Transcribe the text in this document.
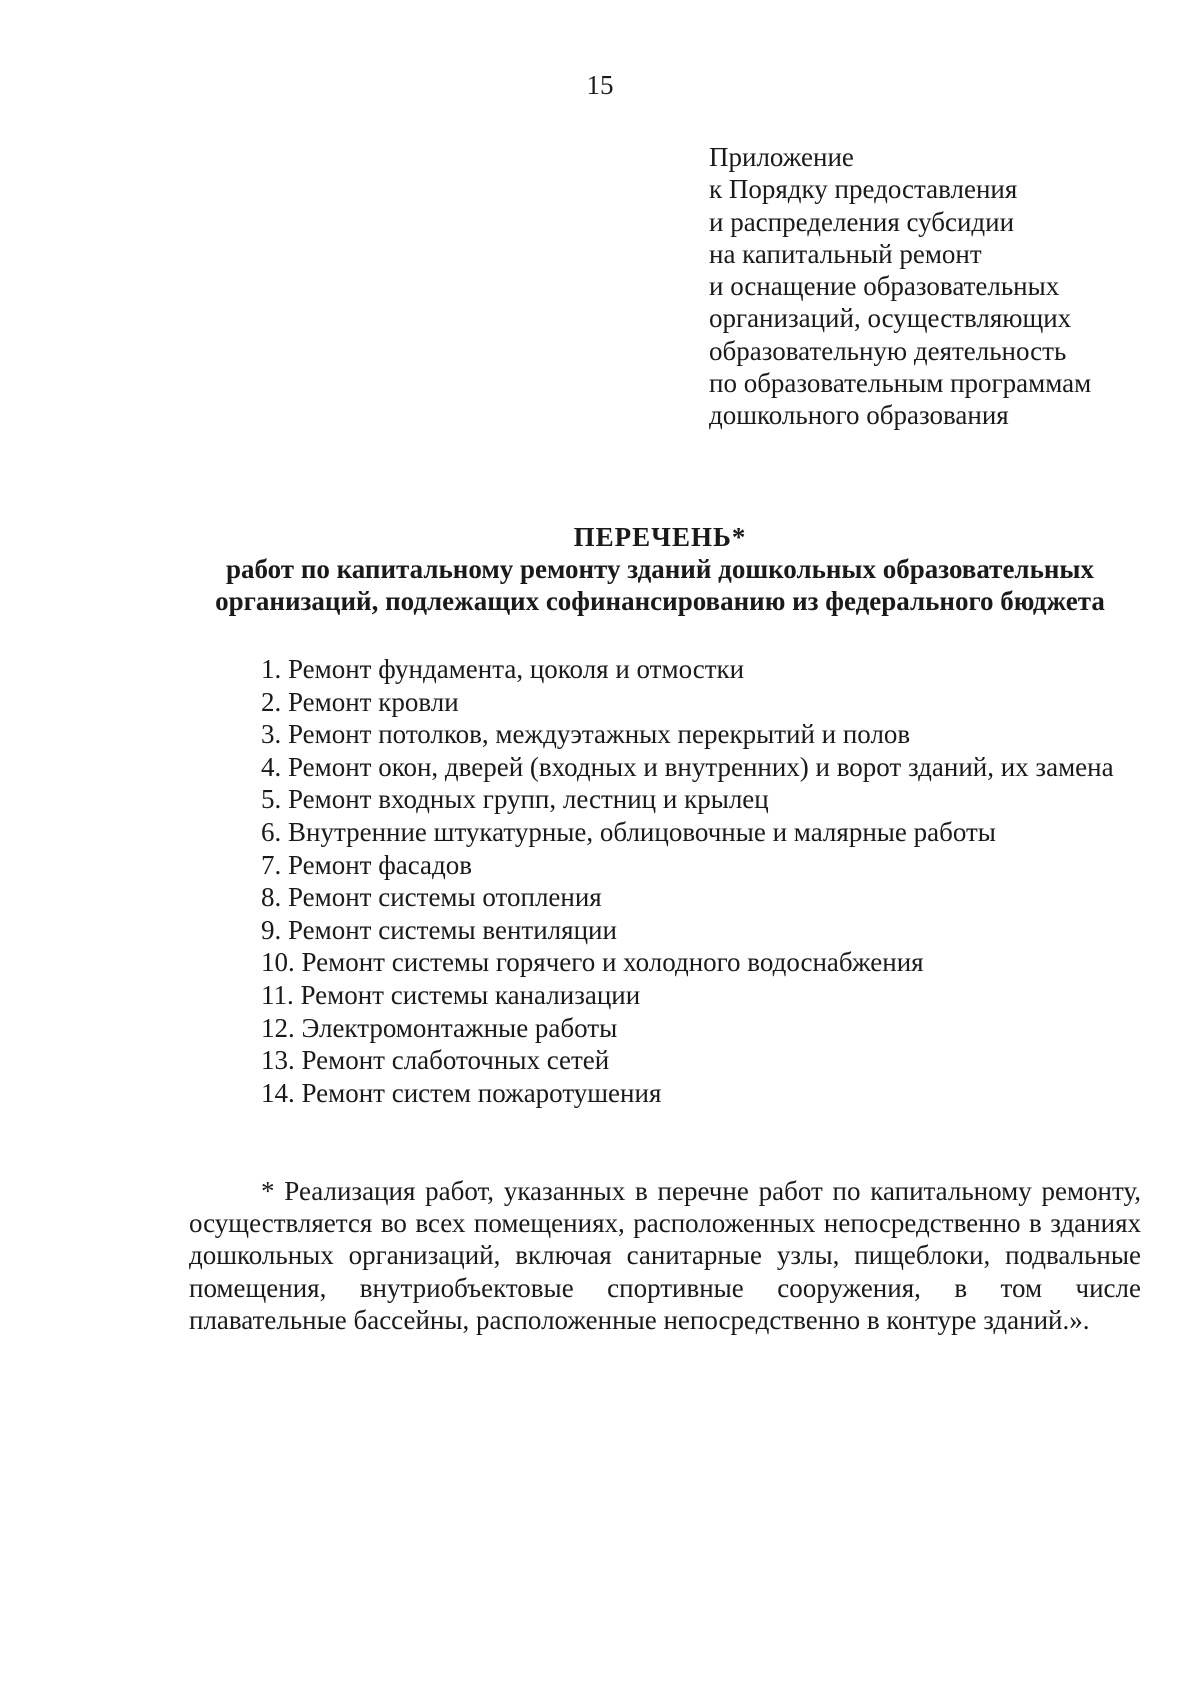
15
Приложение
к Порядку предоставления
и распределения субсидии
на капитальный ремонт
и оснащение образовательных
организаций, осуществляющих
образовательную деятельность
по образовательным программам
дошкольного образования
ПЕРЕЧЕНЬ*
работ по капитальному ремонту зданий дошкольных образовательных
организаций, подлежащих софинансированию из федерального бюджета
1. Ремонт фундамента, цоколя и отмостки
2. Ремонт кровли
3. Ремонт потолков, междуэтажных перекрытий и полов
4. Ремонт окон, дверей (входных и внутренних) и ворот зданий, их замена
5. Ремонт входных групп, лестниц и крылец
6. Внутренние штукатурные, облицовочные и малярные работы
7. Ремонт фасадов
8. Ремонт системы отопления
9. Ремонт системы вентиляции
10. Ремонт системы горячего и холодного водоснабжения
11. Ремонт системы канализации
12. Электромонтажные работы
13. Ремонт слаботочных сетей
14. Ремонт систем пожаротушения

* Реализация работ, указанных в перечне работ по капитальному ремонту, осуществляется во всех помещениях, расположенных непосредственно в зданиях дошкольных организаций, включая санитарные узлы, пищеблоки, подвальные помещения, внутриобъектовые спортивные сооружения, в том числе плавательные бассейны, расположенные непосредственно в контуре зданий.».
